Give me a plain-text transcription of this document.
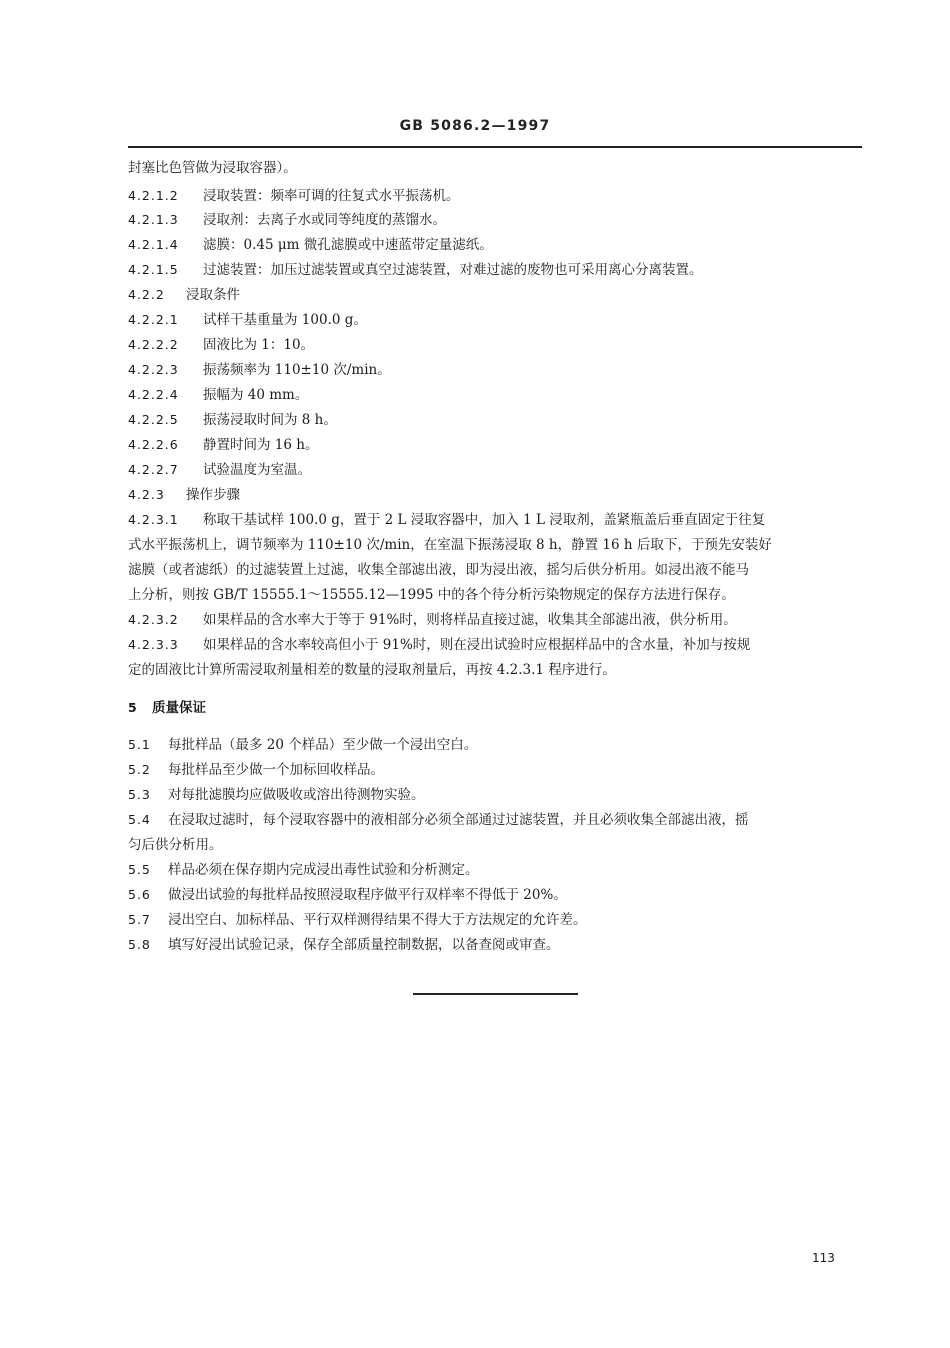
GB 5086.2—1997
封塞比色管做为浸取容器）。
4.2.1.2 浸取装置：频率可调的往复式水平振荡机。
4.2.1.3 浸取剂：去离子水或同等纯度的蒸馏水。
4.2.1.4 滤膜：0.45 μm 微孔滤膜或中速蓝带定量滤纸。
4.2.1.5 过滤装置：加压过滤装置或真空过滤装置，对难过滤的废物也可采用离心分离装置。
4.2.2 浸取条件
4.2.2.1 试样干基重量为 100.0 g。
4.2.2.2 固液比为 1：10。
4.2.2.3 振荡频率为 110±10 次/min。
4.2.2.4 振幅为 40 mm。
4.2.2.5 振荡浸取时间为 8 h。
4.2.2.6 静置时间为 16 h。
4.2.2.7 试验温度为室温。
4.2.3 操作步骤
4.2.3.1 称取干基试样 100.0 g，置于 2 L 浸取容器中，加入 1 L 浸取剂，盖紧瓶盖后垂直固定于往复
式水平振荡机上，调节频率为 110±10 次/min，在室温下振荡浸取 8 h，静置 16 h 后取下，于预先安装好
滤膜（或者滤纸）的过滤装置上过滤，收集全部滤出液，即为浸出液，摇匀后供分析用。如浸出液不能马
上分析，则按 GB/T 15555.1～15555.12—1995 中的各个待分析污染物规定的保存方法进行保存。
4.2.3.2 如果样品的含水率大于等于 91%时，则将样品直接过滤，收集其全部滤出液，供分析用。
4.2.3.3 如果样品的含水率较高但小于 91%时，则在浸出试验时应根据样品中的含水量，补加与按规
定的固液比计算所需浸取剂量相差的数量的浸取剂量后，再按 4.2.3.1 程序进行。
5 质量保证
5.1 每批样品（最多 20 个样品）至少做一个浸出空白。
5.2 每批样品至少做一个加标回收样品。
5.3 对每批滤膜均应做吸收或溶出待测物实验。
5.4 在浸取过滤时，每个浸取容器中的液相部分必须全部通过过滤装置，并且必须收集全部滤出液，摇
匀后供分析用。
5.5 样品必须在保存期内完成浸出毒性试验和分析测定。
5.6 做浸出试验的每批样品按照浸取程序做平行双样率不得低于 20%。
5.7 浸出空白、加标样品、平行双样测得结果不得大于方法规定的允许差。
5.8 填写好浸出试验记录，保存全部质量控制数据，以备查阅或审查。
113
